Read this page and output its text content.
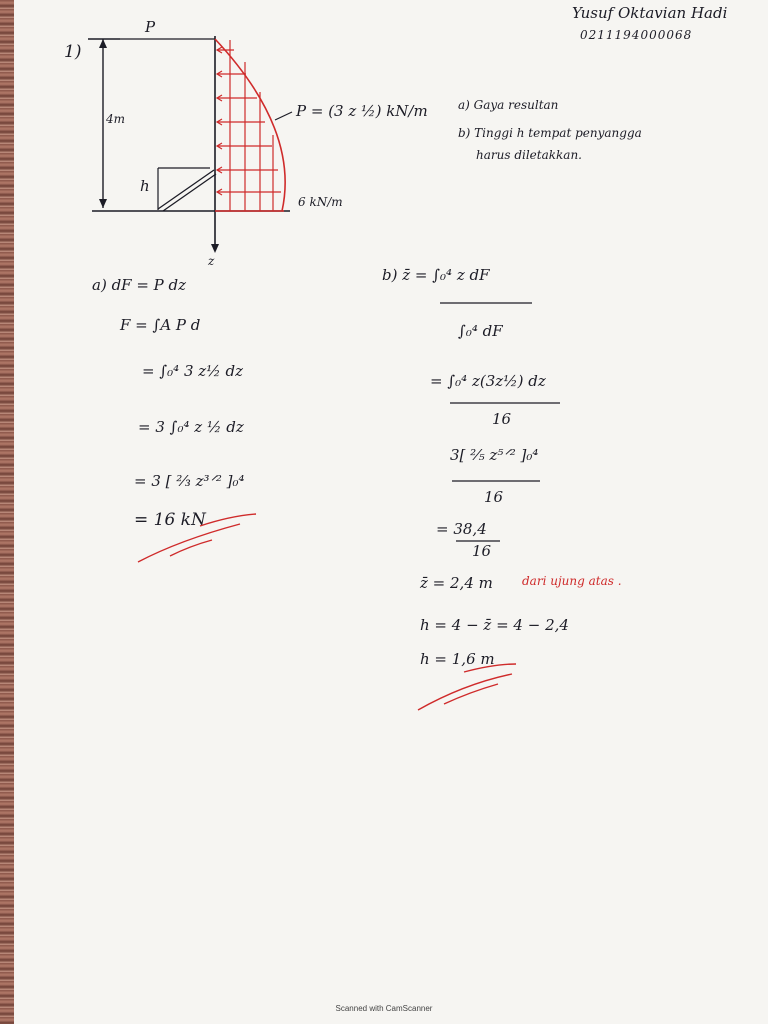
Yusuf Oktavian Hadi
0211194000068
1)
P
4m
h
z
P = (3 z ½) kN/m
6 kN/m
a) Gaya resultan
b) Tinggi h tempat penyangga
harus diletakkan.
a) dF = P dz
F = ∫A P d
= ∫₀⁴ 3 z½ dz
= 3 ∫₀⁴ z ½ dz
= 3 [ ⅔ z³ᐟ² ]₀⁴
= 16 kN
b) z̄ = ∫₀⁴ z dF
∫₀⁴ dF
= ∫₀⁴ z(3z½) dz
16
3[ ⅖ z⁵ᐟ² ]₀⁴
16
= 38,4
16
z̄ = 2,4 m dari ujung atas .
h = 4 − z̄ = 4 − 2,4
h = 1,6 m
Scanned with CamScanner
